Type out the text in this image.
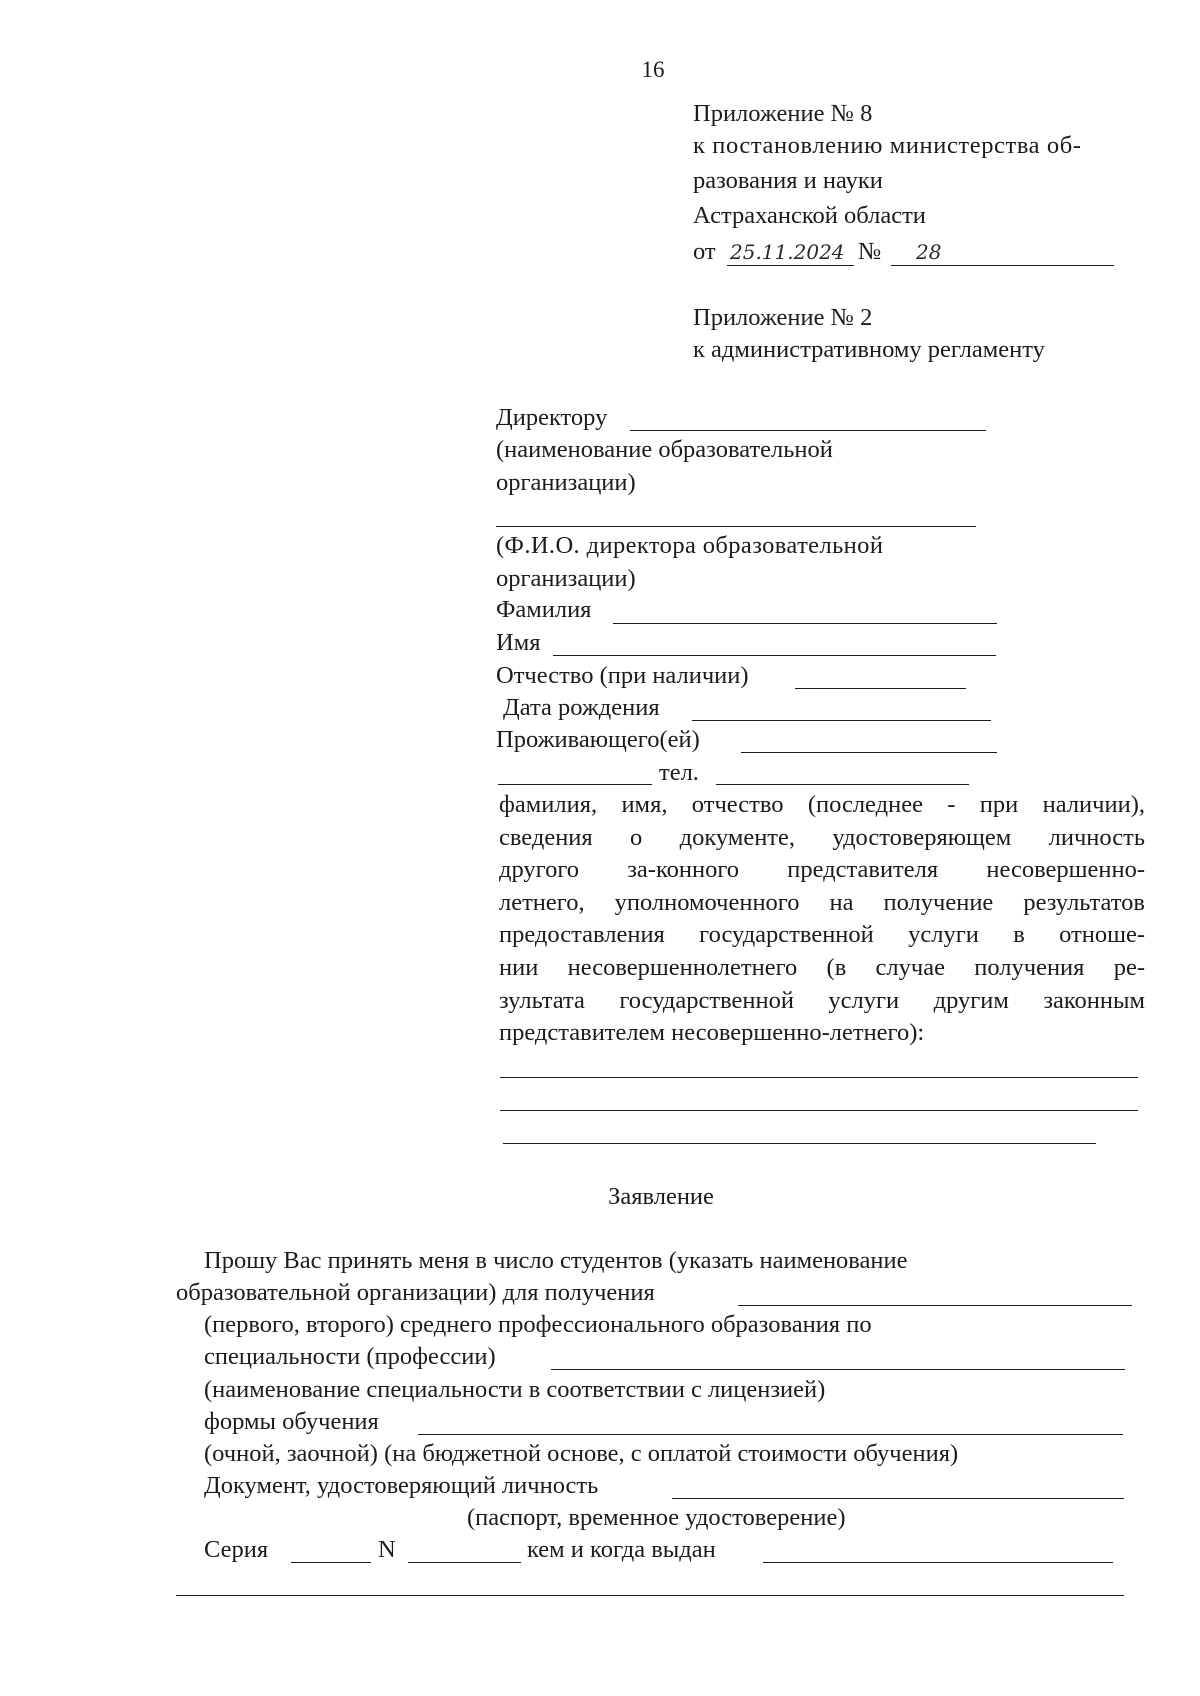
16
Приложение № 8
к постановлению министерства об-
разования и науки
Астраханской области
от 25.11.2024 № 28
Приложение № 2
к административному регламенту
Директору
(наименование образовательной
организации)
(Ф.И.О. директора образовательной
организации)
Фамилия
Имя
Отчество (при наличии)
Дата рождения
Проживающего(ей)
тел.
фамилия, имя, отчество (последнее - при наличии),
сведения о документе, удостоверяющем личность
другого за-конного представителя несовершенно-
летнего, уполномоченного на получение результатов
предоставления государственной услуги в отноше-
нии несовершеннолетнего (в случае получения ре-
зультата государственной услуги другим законным
представителем несовершенно-летнего):
Заявление
Прошу Вас принять меня в число студентов (указать наименование
образовательной организации) для получения
(первого, второго) среднего профессионального образования по
специальности (профессии)
(наименование специальности в соответствии с лицензией)
формы обучения
(очной, заочной) (на бюджетной основе, с оплатой стоимости обучения)
Документ, удостоверяющий личность
(паспорт, временное удостоверение)
Серия	N	кем и когда выдан
